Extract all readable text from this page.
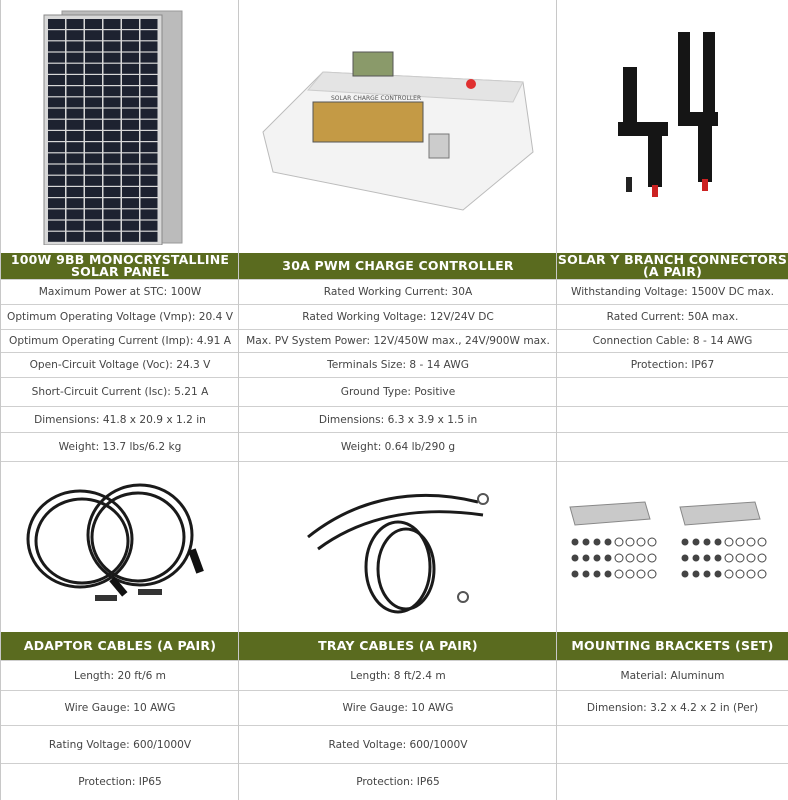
100W 9BB MONOCRYSTALLINE SOLAR PANEL
Maximum Power at STC: 100W
Optimum Operating Voltage (Vmp): 20.4 V
Optimum Operating Current (Imp): 4.91 A
Open-Circuit Voltage (Voc): 24.3 V
Short-Circuit Current (Isc): 5.21 A
Dimensions: 41.8 x 20.9 x 1.2 in
Weight: 13.7 lbs/6.2 kg
ADAPTOR CABLES (A PAIR)
Length: 20 ft/6 m
Wire Gauge: 10 AWG
Rating Voltage: 600/1000V
Protection: IP65
SOLAR CHARGE CONTROLLER
30A PWM CHARGE CONTROLLER
Rated Working Current: 30A
Rated Working Voltage: 12V/24V DC
Max. PV System Power: 12V/450W max., 24V/900W max.
Terminals Size: 8 - 14 AWG
Ground Type: Positive
Dimensions: 6.3 x 3.9 x 1.5 in
Weight: 0.64 lb/290 g
TRAY CABLES (A PAIR)
Length: 8 ft/2.4 m
Wire Gauge: 10 AWG
Rated Voltage: 600/1000V
Protection: IP65
SOLAR Y BRANCH CONNECTORS (A PAIR)
Withstanding Voltage: 1500V DC max.
Rated Current: 50A max.
Connection Cable: 8 - 14 AWG
Protection: IP67
MOUNTING BRACKETS (SET)
Material: Aluminum
Dimension: 3.2 x 4.2 x 2 in (Per)
